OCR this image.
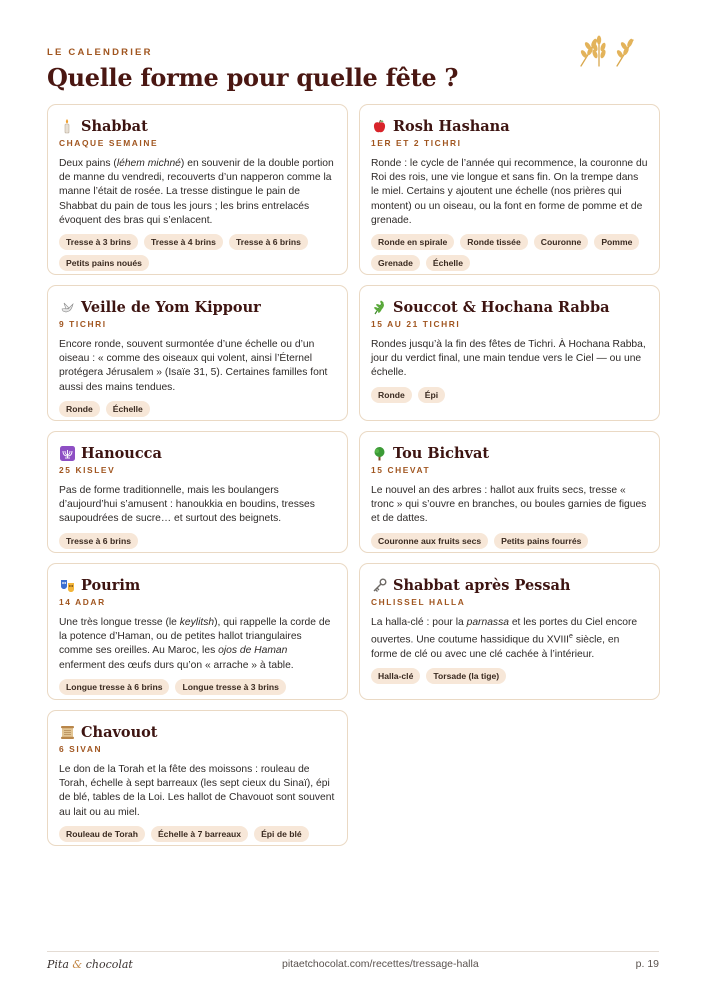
LE CALENDRIER
Quelle forme pour quelle fête ?
Shabbat
CHAQUE SEMAINE
Deux pains (léhem michné) en souvenir de la double portion de manne du vendredi, recouverts d’un napperon comme la manne l’était de rosée. La tresse distingue le pain de Shabbat du pain de tous les jours ; les brins entrelacés évoquent des bras qui s’enlacent.
Tresse à 3 brins	Tresse à 4 brins	Tresse à 6 brins
Petits pains noués
Rosh Hashana
1ER ET 2 TICHRI
Ronde : le cycle de l’année qui recommence, la couronne du Roi des rois, une vie longue et sans fin. On la trempe dans le miel. Certains y ajoutent une échelle (nos prières qui montent) ou un oiseau, ou la font en forme de pomme et de grenade.
Ronde en spirale	Ronde tissée	Couronne	Pomme
Grenade	Échelle
Veille de Yom Kippour
9 TICHRI
Encore ronde, souvent surmontée d’une échelle ou d’un oiseau : « comme des oiseaux qui volent, ainsi l’Éternel protégera Jérusalem » (Isaïe 31, 5). Certaines familles font aussi des mains tendues.
Ronde	Échelle
Souccot & Hochana Rabba
15 AU 21 TICHRI
Rondes jusqu’à la fin des fêtes de Tichri. À Hochana Rabba, jour du verdict final, une main tendue vers le Ciel — ou une échelle.
Ronde	Épi
Hanoucca
25 KISLEV
Pas de forme traditionnelle, mais les boulangers d’aujourd’hui s’amusent : hanoukkia en boudins, tresses saupoudrées de sucre… et surtout des beignets.
Tresse à 6 brins
Tou Bichvat
15 CHEVAT
Le nouvel an des arbres : hallot aux fruits secs, tresse « tronc » qui s’ouvre en branches, ou boules garnies de figues et de dattes.
Couronne aux fruits secs	Petits pains fourrés
Pourim
14 ADAR
Une très longue tresse (le keylitsh), qui rappelle la corde de la potence d’Haman, ou de petites hallot triangulaires comme ses oreilles. Au Maroc, les ojos de Haman enferment des œufs durs qu’on « arrache » à table.
Longue tresse à 6 brins	Longue tresse à 3 brins
Shabbat après Pessah
CHLISSEL HALLA
La halla-clé : pour la parnassa et les portes du Ciel encore ouvertes. Une coutume hassidique du XVIIIe siècle, en forme de clé ou avec une clé cachée à l’intérieur.
Halla-clé	Torsade (la tige)
Chavouot
6 SIVAN
Le don de la Torah et la fête des moissons : rouleau de Torah, échelle à sept barreaux (les sept cieux du Sinaï), épi de blé, tables de la Loi. Les hallot de Chavouot sont souvent au lait ou au miel.
Rouleau de Torah	Échelle à 7 barreaux	Épi de blé
Pita & chocolat	pitaetchocolat.com/recettes/tressage-halla	p. 19
